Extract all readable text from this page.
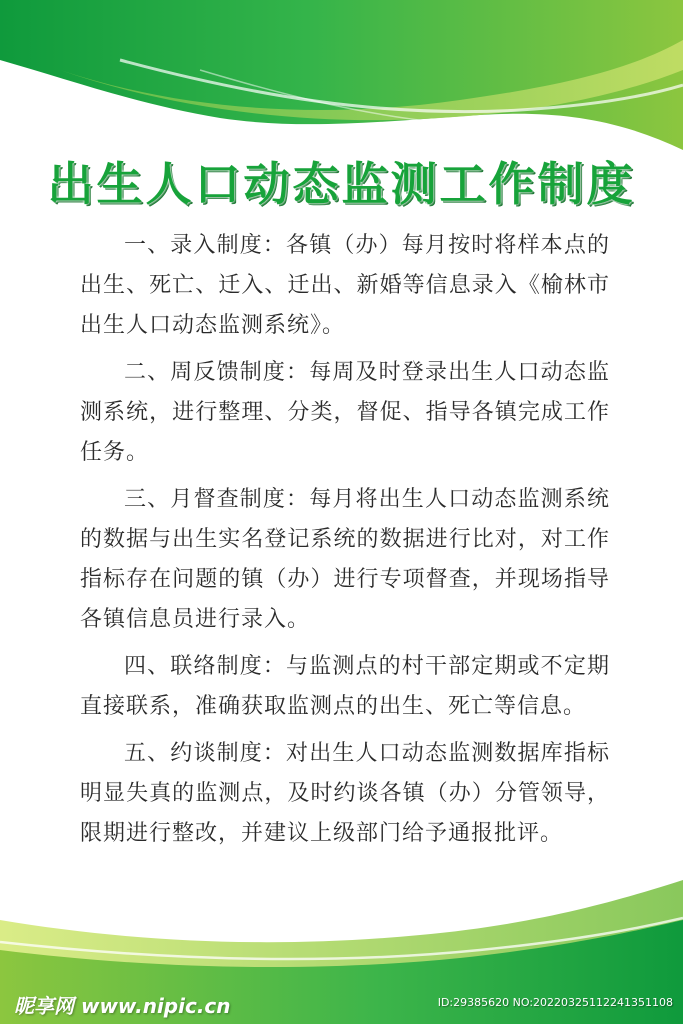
出生人口动态监测工作制度

一、录入制度：各镇（办）每月按时将样本点的出生、死亡、迁入、迁出、新婚等信息录入《榆林市出生人口动态监测系统》。

二、周反馈制度：每周及时登录出生人口动态监测系统，进行整理、分类，督促、指导各镇完成工作任务。

三、月督查制度：每月将出生人口动态监测系统的数据与出生实名登记系统的数据进行比对，对工作指标存在问题的镇（办）进行专项督查，并现场指导各镇信息员进行录入。

四、联络制度：与监测点的村干部定期或不定期直接联系，准确获取监测点的出生、死亡等信息。

五、约谈制度：对出生人口动态监测数据库指标明显失真的监测点，及时约谈各镇（办）分管领导，限期进行整改，并建议上级部门给予通报批评。

昵享网 www.nipic.cn	ID:29385620 NO:20220325112241351108
